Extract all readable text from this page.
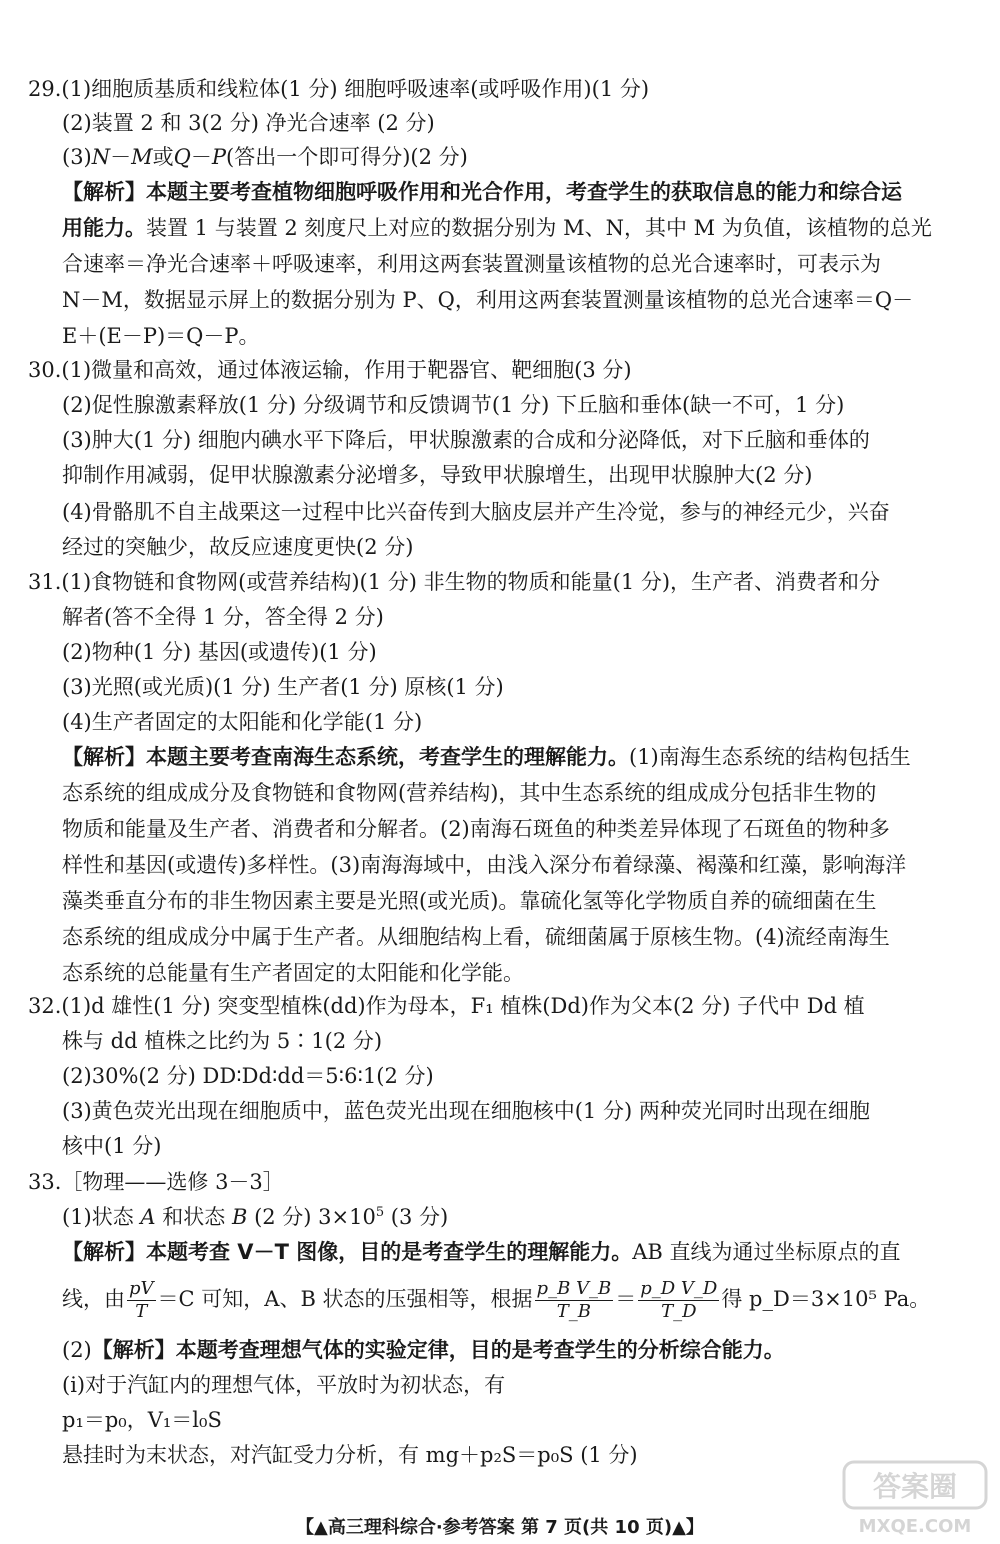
29.(1)细胞质基质和线粒体(1 分) 细胞呼吸速率(或呼吸作用)(1 分)
(2)装置 2 和 3(2 分) 净光合速率 (2 分)
(3)N－M或Q－P(答出一个即可得分)(2 分)
【解析】本题主要考查植物细胞呼吸作用和光合作用，考查学生的获取信息的能力和综合运
用能力。装置 1 与装置 2 刻度尺上对应的数据分别为 M、N，其中 M 为负值，该植物的总光
合速率＝净光合速率＋呼吸速率，利用这两套装置测量该植物的总光合速率时，可表示为
N－M，数据显示屏上的数据分别为 P、Q，利用这两套装置测量该植物的总光合速率＝Q－
E＋(E－P)＝Q－P。
30.(1)微量和高效，通过体液运输，作用于靶器官、靶细胞(3 分)
(2)促性腺激素释放(1 分) 分级调节和反馈调节(1 分) 下丘脑和垂体(缺一不可，1 分)
(3)肿大(1 分) 细胞内碘水平下降后，甲状腺激素的合成和分泌降低，对下丘脑和垂体的
抑制作用减弱，促甲状腺激素分泌增多，导致甲状腺增生，出现甲状腺肿大(2 分)
(4)骨骼肌不自主战栗这一过程中比兴奋传到大脑皮层并产生冷觉，参与的神经元少，兴奋
经过的突触少，故反应速度更快(2 分)
31.(1)食物链和食物网(或营养结构)(1 分) 非生物的物质和能量(1 分)，生产者、消费者和分
解者(答不全得 1 分，答全得 2 分)
(2)物种(1 分) 基因(或遗传)(1 分)
(3)光照(或光质)(1 分) 生产者(1 分) 原核(1 分)
(4)生产者固定的太阳能和化学能(1 分)
【解析】本题主要考查南海生态系统，考查学生的理解能力。(1)南海生态系统的结构包括生
态系统的组成成分及食物链和食物网(营养结构)，其中生态系统的组成成分包括非生物的
物质和能量及生产者、消费者和分解者。(2)南海石斑鱼的种类差异体现了石斑鱼的物种多
样性和基因(或遗传)多样性。(3)南海海域中，由浅入深分布着绿藻、褐藻和红藻，影响海洋
藻类垂直分布的非生物因素主要是光照(或光质)。靠硫化氢等化学物质自养的硫细菌在生
态系统的组成成分中属于生产者。从细胞结构上看，硫细菌属于原核生物。(4)流经南海生
态系统的总能量有生产者固定的太阳能和化学能。
32.(1)d 雄性(1 分) 突变型植株(dd)作为母本，F₁ 植株(Dd)作为父本(2 分) 子代中 Dd 植
株与 dd 植株之比约为 5∶1(2 分)
(2)30%(2 分) DD∶Dd∶dd＝5∶6∶1(2 分)
(3)黄色荧光出现在细胞质中，蓝色荧光出现在细胞核中(1 分) 两种荧光同时出现在细胞
核中(1 分)
33.［物理——选修 3－3］
(1)状态 A 和状态 B (2 分) $3\times 10^5$ (3 分)
【解析】本题考查 V－T 图像，目的是考查学生的理解能力。AB 直线为通过坐标原点的直
线，由 $\frac{pV}{T} =C$ 可知，A、B 状态的压强相等，根据 $\frac{\text{p\_B V\_B}}{T\_B} = \frac{\text{p\_D V\_D}}{T\_D}$ 得 p_D＝3×10⁵ Pa。
(2)【解析】本题考查理想气体的实验定律，目的是考查学生的分析综合能力。
(ⅰ)对于汽缸内的理想气体，平放时为初状态，有
p₁＝p₀，V₁＝l₀S
悬挂时为末状态，对汽缸受力分析，有 mg＋p₂S＝p₀S (1 分)
【▲高三理科综合·参考答案 第 7 页(共 10 页)▲】
答案圈
MXQE.COM
